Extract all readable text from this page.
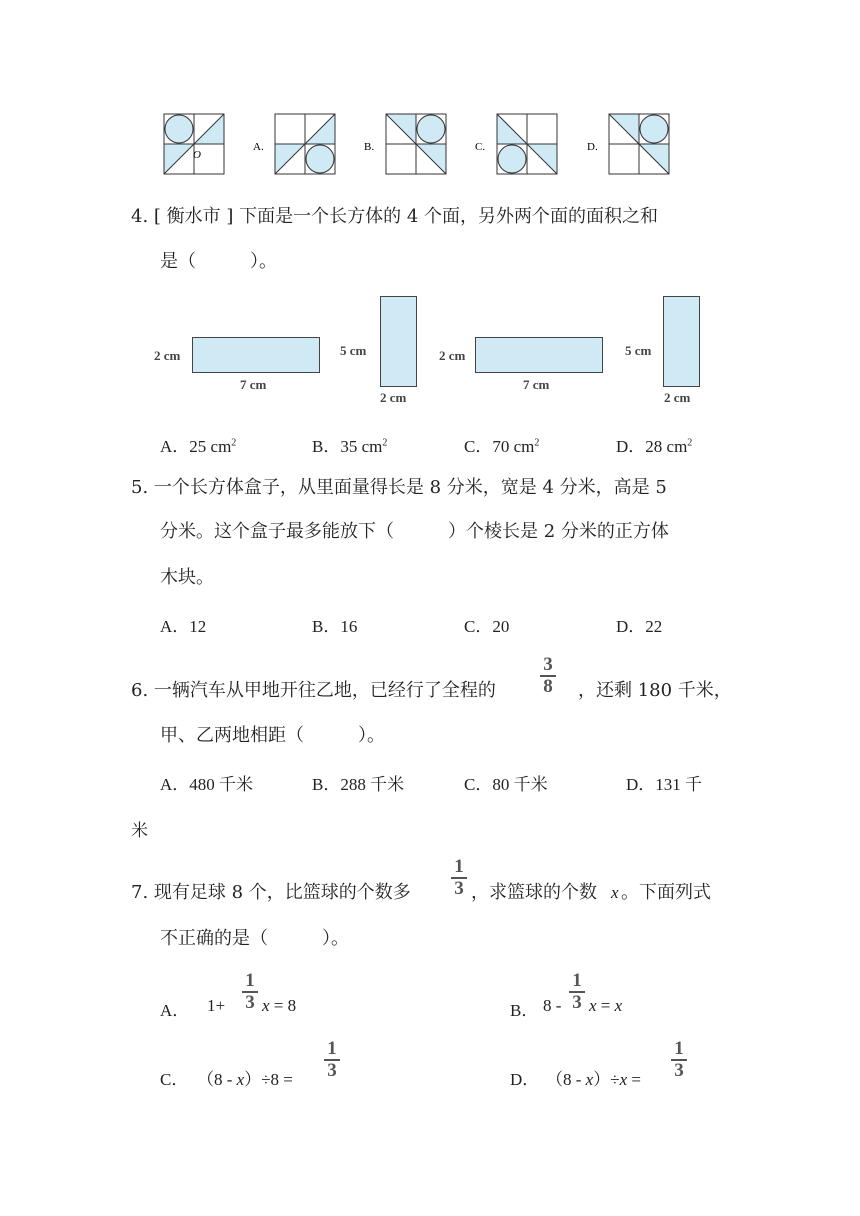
O
A.	B.	C.	D.
4. [ 衡水市 ] 下面是一个长方体的 4 个面，另外两个面的面积之和
是（　　　）。
2 cm
7 cm
5 cm
2 cm
2 cm
7 cm
5 cm
2 cm
A．25 $cm^2$	B．35 $cm^2$	C．70 $cm^2$	D．28 $cm^2$
5. 一个长方体盒子，从里面量得长是 8 分米，宽是 4 分米，高是 5
分米。这个盒子最多能放下（　　　）个棱长是 2 分米的正方体
木块。
A．12	B．16	C．20	D．22
6. 一辆汽车从甲地开往乙地，已经行了全程的
3
8 ，还剩 180 千米，
甲、乙两地相距（　　　）。
A．480 千米	B．288 千米	C．80 千米	D．131 千
米
7. 现有足球 8 个，比篮球的个数多
1
3 ，求篮球的个数 x 。下面列式
不正确的是（　　　）。
A． 1+
1
3 x = 8	B． 8 -
1
3 x = x
C． （8 - x）÷8 =
1
3	D． （8 - x）÷x =
1
3
